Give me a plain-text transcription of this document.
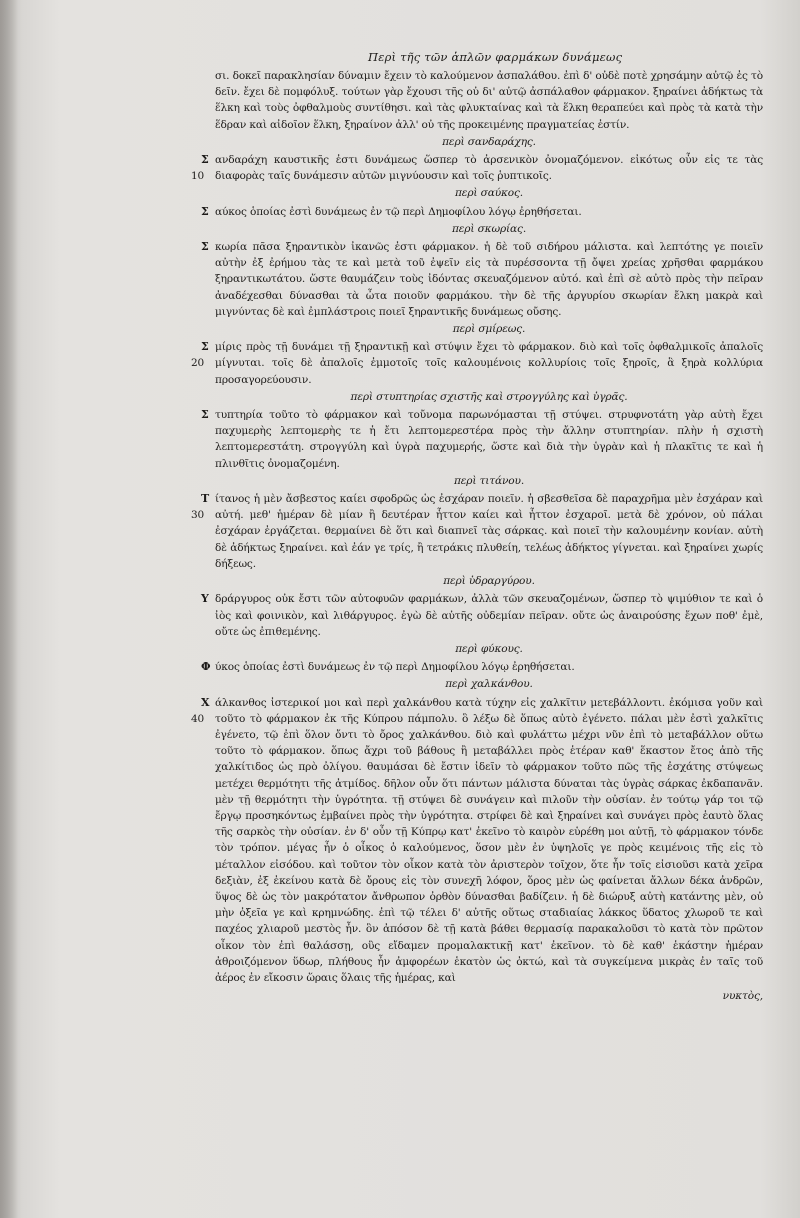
Περὶ τῆς τῶν ἁπλῶν φαρμάκων δυνάμεως

σι. δοκεῖ παρακλησίαν δύναμιν ἔχειν τὸ καλούμενον ἀσπαλάθου. ἐπὶ δ' οὐδὲ ποτὲ χρησάμην αὐτῷ ἐς τὸ δεῖν. ἔχει δὲ πομφόλυξ. τούτων γὰρ ἔχουσι τῆς οὐ δι' αὐτῷ ἀσπάλαθον φάρμακον. ξηραίνει ἀδήκτως τὰ ἕλκη καὶ τοὺς ὀφθαλμοὺς συντίθησι. καὶ τὰς φλυκταίνας καὶ τὰ ἕλκη θεραπεύει καὶ πρὸς τὰ κατὰ τὴν ἕδραν καὶ αἰδοῖον ἕλκη, ξηραίνον ἀλλ' οὐ τῆς προκειμένης πραγματείας ἐστίν.

περὶ σανδαράχης.
Σ
10

ανδαράχη καυστικῆς ἐστι δυνάμεως ὥσπερ τὸ ἀρσενικὸν ὀνομαζόμενον. εἰκότως οὖν εἰς τε τὰς διαφορὰς ταῖς δυνάμεσιν αὐτῶν μιγνύουσιν καὶ τοῖς ῥυπτικοῖς.

περὶ σαύκος.
Σ αύκος ὁποίας ἐστὶ δυνάμεως ἐν τῷ περὶ Δημοφίλου λόγῳ ἐρηθήσεται.

περὶ σκωρίας.
Σ κωρία πᾶσα ξηραντικὸν ἰκανῶς ἐστι φάρμακον. ἡ δὲ τοῦ σιδήρου μάλιστα. καὶ λεπτότης γε ποιεῖν αὐτὴν ἐξ ἐρήμου τὰς τε καὶ μετὰ τοῦ ἐψεῖν εἰς τὰ πυρέσσοντα τῇ ὄψει χρείας χρῆσθαι φαρμάκου ξηραντικωτάτου. ὥστε θαυμάζειν τοὺς ἰδόντας σκευαζόμενον αὐτό. καὶ ἐπὶ σὲ αὐτὸ πρὸς τὴν πεῖραν ἀναδέχεσθαι δύνασθαι τὰ ὦτα ποιοῦν φαρμάκου. τὴν δὲ τῆς ἀργυρίου σκωρίαν ἔλκη μακρὰ καὶ μιγνύντας δὲ καὶ ἐμπλάστροις ποιεῖ ξηραντικῆς δυνάμεως οὔσης.

περὶ σμίρεως.
Σ
20

μίρις πρὸς τῇ δυνάμει τῇ ξηραντικῇ καὶ στύψιν ἔχει τὸ φάρμακον. διὸ καὶ τοῖς ὀφθαλμικοῖς ἀπαλοῖς μίγνυται. τοῖς δὲ ἀπαλοῖς ἐμμοτοῖς τοῖς καλουμένοις κολλυρίοις τοῖς ξηροῖς, ἃ ξηρὰ κολλύρια προσαγορεύουσιν.

περὶ στυπτηρίας σχιστῆς καὶ στρογγύλης καὶ ὑγρᾶς.
Σ τυπτηρία τοῦτο τὸ φάρμακον καὶ τοὔνομα παρωνόμασται τῇ στύψει. στρυφνοτάτη γὰρ αὐτὴ ἔχει παχυμερὴς λεπτομερὴς τε ἡ ἔτι λεπτομερεστέρα πρὸς τὴν ἄλλην στυπτηρίαν. πλὴν ἡ σχιστὴ λεπτομερεστάτη. στρογγύλη καὶ ὑγρὰ παχυμερής, ὥστε καὶ διὰ τὴν ὑγρὰν καὶ ἡ πλακῖτις τε καὶ ἡ πλινθῖτις ὀνομαζομένη.

περὶ τιτάνου.
Τ
30

ίτανος ἡ μὲν ἄσβεστος καίει σφοδρῶς ὡς ἐσχάραν ποιεῖν. ἡ σβεσθεῖσα δὲ παραχρῆμα μὲν ἐσχάραν καὶ αὐτή. μεθ' ἡμέραν δὲ μίαν ἢ δευτέραν ἧττον καίει καὶ ἧττον ἐσχαροῖ. μετὰ δὲ χρόνον, οὐ πάλαι ἐσχάραν ἐργάζεται. θερμαίνει δὲ ὅτι καὶ διαπνεῖ τὰς σάρκας. καὶ ποιεῖ τὴν καλουμένην κονίαν. αὐτὴ δὲ ἀδήκτως ξηραίνει. καὶ ἐάν γε τρίς, ἢ τετράκις πλυθείη, τελέως ἀδήκτος γίγνεται. καὶ ξηραίνει χωρίς δήξεως.

περὶ ὑδραργύρου.
Υ δράργυρος οὐκ ἔστι τῶν αὐτοφυῶν φαρμάκων, ἀλλὰ τῶν σκευαζομένων, ὥσπερ τὸ ψιμύθιον τε καὶ ὁ ἰὸς καὶ φοινικὸν, καὶ λιθάργυρος. ἐγὼ δὲ αὐτῆς οὐδεμίαν πεῖραν. οὔτε ὡς ἀναιρούσης ἔχων ποθ' ἐμὲ, οὔτε ὡς ἐπιθεμένης.

περὶ φύκους.
Φ ύκος ὁποίας ἐστὶ δυνάμεως ἐν τῷ περὶ Δημοφίλου λόγῳ ἐρηθήσεται.

περὶ χαλκάνθου.
Χ
40

άλκανθος ἰστερικοί μοι καὶ περὶ χαλκάνθου κατὰ τύχην εἰς χαλκῖτιν μετεβάλλοντι. ἐκόμισα γοῦν καὶ τοῦτο τὸ φάρμακον ἐκ τῆς Κύπρου πάμπολυ. ὃ λέξω δὲ ὅπως αὐτὸ ἐγένετο. πάλαι μὲν ἐστὶ χαλκῖτις ἐγένετο, τῷ ἐπὶ ὅλον ὄντι τὸ ὄρος χαλκάνθου. διὸ καὶ φυλάττω μέχρι νῦν ἐπὶ τὸ μεταβάλλον οὕτω τοῦτο τὸ φάρμακον. ὅπως ἄχρι τοῦ βάθους ἢ μεταβάλλει πρὸς ἑτέραν καθ' ἕκαστον ἔτος ἀπὸ τῆς χαλκίτιδος ὡς πρὸ ὀλίγου. θαυμάσαι δὲ ἔστιν ἰδεῖν τὸ φάρμακον τοῦτο πῶς τῆς ἐσχάτης στύψεως μετέχει θερμότητι τῆς ἀτμίδος. δῆλον οὖν ὅτι πάντων μάλιστα δύναται τὰς ὑγρὰς σάρκας ἐκδαπανᾶν. μὲν τῇ θερμότητι τὴν ὑγρότητα. τῇ στύψει δὲ συνάγειν καὶ πιλοῦν τὴν οὐσίαν. ἐν τούτῳ γάρ τοι τῷ ἔργῳ προσηκόντως ἐμβαίνει πρὸς τὴν ὑγρότητα. στρίφει δὲ καὶ ξηραίνει καὶ συνάγει πρὸς ἑαυτὸ ὅλας τῆς σαρκὸς τὴν οὐσίαν. ἐν δ' οὖν τῇ Κύπρῳ κατ' ἐκεῖνο τὸ καιρὸν εὑρέθη μοι αὐτῇ, τὸ φάρμακον τόνδε τὸν τρόπον. μέγας ἦν ὁ οἶκος ὁ καλούμενος, ὅσον μὲν ἐν ὑψηλοῖς γε πρὸς κειμένοις τῆς εἰς τὸ μέταλλον εἰσόδου. καὶ τοῦτον τὸν οἶκον κατὰ τὸν ἀριστερὸν τοῖχον, ὅτε ἦν τοῖς εἰσιοῦσι κατὰ χεῖρα δεξιὰν, ἐξ ἐκείνου κατὰ δὲ ὄρους εἰς τὸν συνεχῆ λόφον, ὅρος μὲν ὡς φαίνεται ἄλλων δέκα ἀνδρῶν, ὕψος δὲ ὡς τὸν μακρότατον ἄνθρωπον ὀρθὸν δύνασθαι βαδίζειν. ἡ δὲ διώρυξ αὐτὴ κατάντης μὲν, οὐ μὴν ὀξεῖα γε καὶ κρημνώδης. ἐπὶ τῷ τέλει δ' αὐτῆς οὕτως σταδιαίας λάκκος ὕδατος χλωροῦ τε καὶ παχέος χλιαροῦ μεστὸς ἦν. ὃν ἀπόσον δὲ τῇ κατὰ βάθει θερμασίᾳ παρακαλοῦσι τὸ κατὰ τὸν πρῶτον οἶκον τὸν ἐπὶ θαλάσσῃ, οὓς εἴδαμεν προμαλακτικῇ κατ' ἐκεῖνον. τὸ δὲ καθ' ἑκάστην ἡμέραν ἀθροιζόμενον ὕδωρ, πλήθους ἦν ἀμφορέων ἑκατὸν ὡς ὀκτώ, καὶ τὰ συγκείμενα μικρὰς ἐν ταῖς τοῦ ἀέρος ἐν εἴκοσιν ὥραις ὅλαις τῆς ἡμέρας, καὶ

νυκτὸς,
